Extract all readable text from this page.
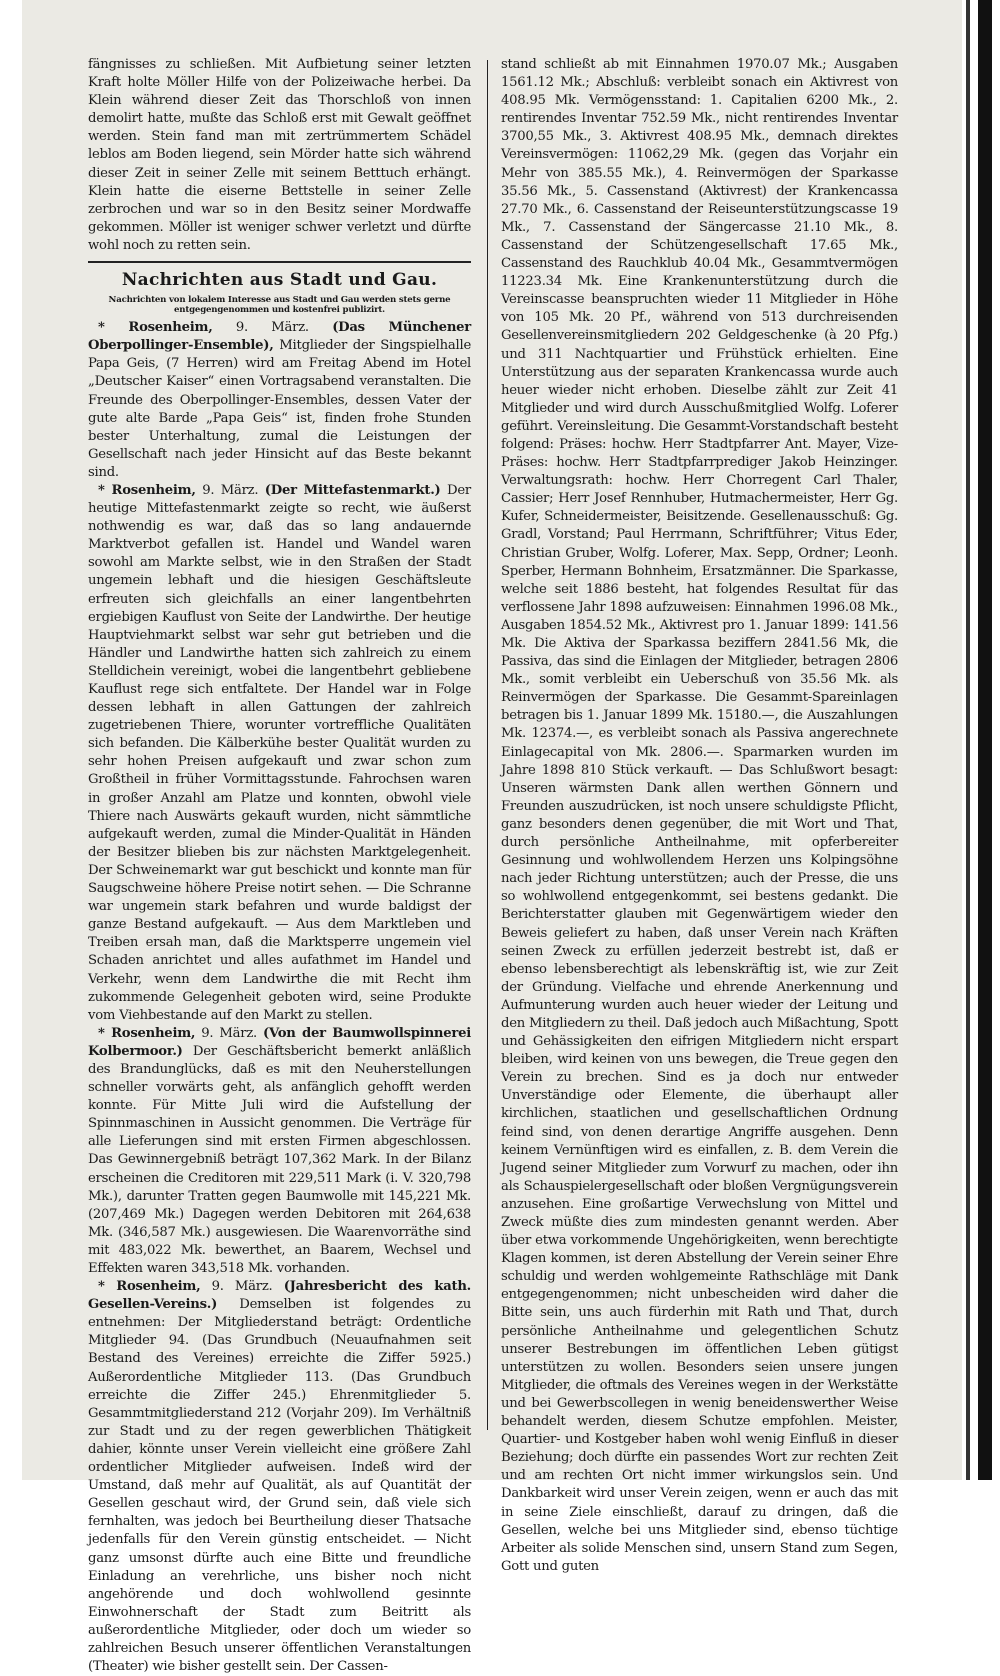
fängnisses zu schließen. Mit Aufbietung seiner letzten Kraft holte Möller Hilfe von der Polizeiwache herbei. Da Klein während dieser Zeit das Thorschloß von innen demolirt hatte, mußte das Schloß erst mit Gewalt geöffnet werden. Stein fand man mit zertrümmertem Schädel leblos am Boden liegend, sein Mörder hatte sich während dieser Zeit in seiner Zelle mit seinem Betttuch erhängt. Klein hatte die eiserne Bettstelle in seiner Zelle zerbrochen und war so in den Besitz seiner Mordwaffe gekommen. Möller ist weniger schwer verletzt und dürfte wohl noch zu retten sein.

Nachrichten aus Stadt und Gau.
Nachrichten von lokalem Interesse aus Stadt und Gau werden stets gerne entgegengenommen und kostenfrei publizirt.

* Rosenheim, 9. März. (Das Münchener Oberpollinger-Ensemble), Mitglieder der Singspielhalle Papa Geis, (7 Herren) wird am Freitag Abend im Hotel „Deutscher Kaiser“ einen Vortragsabend veranstalten. Die Freunde des Oberpollinger-Ensembles, dessen Vater der gute alte Barde „Papa Geis“ ist, finden frohe Stunden bester Unterhaltung, zumal die Leistungen der Gesellschaft nach jeder Hinsicht auf das Beste bekannt sind.

* Rosenheim, 9. März. (Der Mittefastenmarkt.) Der heutige Mittefastenmarkt zeigte so recht, wie äußerst nothwendig es war, daß das so lang andauernde Marktverbot gefallen ist. Handel und Wandel waren sowohl am Markte selbst, wie in den Straßen der Stadt ungemein lebhaft und die hiesigen Geschäftsleute erfreuten sich gleichfalls an einer langentbehrten ergiebigen Kauflust von Seite der Landwirthe. Der heutige Hauptviehmarkt selbst war sehr gut betrieben und die Händler und Landwirthe hatten sich zahlreich zu einem Stelldichein vereinigt, wobei die langentbehrt gebliebene Kauflust rege sich entfaltete. Der Handel war in Folge dessen lebhaft in allen Gattungen der zahlreich zugetriebenen Thiere, worunter vortreffliche Qualitäten sich befanden. Die Kälberkühe bester Qualität wurden zu sehr hohen Preisen aufgekauft und zwar schon zum Großtheil in früher Vormittagsstunde. Fahrochsen waren in großer Anzahl am Platze und konnten, obwohl viele Thiere nach Auswärts gekauft wurden, nicht sämmtliche aufgekauft werden, zumal die Minder-Qualität in Händen der Besitzer blieben bis zur nächsten Marktgelegenheit. Der Schweinemarkt war gut beschickt und konnte man für Saugschweine höhere Preise notirt sehen. — Die Schranne war ungemein stark befahren und wurde baldigst der ganze Bestand aufgekauft. — Aus dem Marktleben und Treiben ersah man, daß die Marktsperre ungemein viel Schaden anrichtet und alles aufathmet im Handel und Verkehr, wenn dem Landwirthe die mit Recht ihm zukommende Gelegenheit geboten wird, seine Produkte vom Viehbestande auf den Markt zu stellen.

* Rosenheim, 9. März. (Von der Baumwollspinnerei Kolbermoor.) Der Geschäftsbericht bemerkt anläßlich des Brandunglücks, daß es mit den Neuherstellungen schneller vorwärts geht, als anfänglich gehofft werden konnte. Für Mitte Juli wird die Aufstellung der Spinnmaschinen in Aussicht genommen. Die Verträge für alle Lieferungen sind mit ersten Firmen abgeschlossen. Das Gewinnergebniß beträgt 107,362 Mark. In der Bilanz erscheinen die Creditoren mit 229,511 Mark (i. V. 320,798 Mk.), darunter Tratten gegen Baumwolle mit 145,221 Mk. (207,469 Mk.) Dagegen werden Debitoren mit 264,638 Mk. (346,587 Mk.) ausgewiesen. Die Waarenvorräthe sind mit 483,022 Mk. bewerthet, an Baarem, Wechsel und Effekten waren 343,518 Mk. vorhanden.

* Rosenheim, 9. März. (Jahresbericht des kath. Gesellen-Vereins.) Demselben ist folgendes zu entnehmen: Der Mitgliederstand beträgt: Ordentliche Mitglieder 94. (Das Grundbuch (Neuaufnahmen seit Bestand des Vereines) erreichte die Ziffer 5925.) Außerordentliche Mitglieder 113. (Das Grundbuch erreichte die Ziffer 245.) Ehrenmitglieder 5. Gesammtmitgliederstand 212 (Vorjahr 209). Im Verhältniß zur Stadt und zu der regen gewerblichen Thätigkeit dahier, könnte unser Verein vielleicht eine größere Zahl ordentlicher Mitglieder aufweisen. Indeß wird der Umstand, daß mehr auf Qualität, als auf Quantität der Gesellen geschaut wird, der Grund sein, daß viele sich fernhalten, was jedoch bei Beurtheilung dieser Thatsache jedenfalls für den Verein günstig entscheidet. — Nicht ganz umsonst dürfte auch eine Bitte und freundliche Einladung an verehrliche, uns bisher noch nicht angehörende und doch wohlwollend gesinnte Einwohnerschaft der Stadt zum Beitritt als außerordentliche Mitglieder, oder doch um wieder so zahlreichen Besuch unserer öffentlichen Veranstaltungen (Theater) wie bisher gestellt sein. Der Cassen-

stand schließt ab mit Einnahmen 1970.07 Mk.; Ausgaben 1561.12 Mk.; Abschluß: verbleibt sonach ein Aktivrest von 408.95 Mk. Vermögensstand: 1. Capitalien 6200 Mk., 2. rentirendes Inventar 752.59 Mk., nicht rentirendes Inventar 3700,55 Mk., 3. Aktivrest 408.95 Mk., demnach direktes Vereinsvermögen: 11062,29 Mk. (gegen das Vorjahr ein Mehr von 385.55 Mk.), 4. Reinvermögen der Sparkasse 35.56 Mk., 5. Cassenstand (Aktivrest) der Krankencassa 27.70 Mk., 6. Cassenstand der Reiseunterstützungscasse 19 Mk., 7. Cassenstand der Sängercasse 21.10 Mk., 8. Cassenstand der Schützengesellschaft 17.65 Mk., Cassenstand des Rauchklub 40.04 Mk., Gesammtvermögen 11223.34 Mk. Eine Krankenunterstützung durch die Vereinscasse beanspruchten wieder 11 Mitglieder in Höhe von 105 Mk. 20 Pf., während von 513 durchreisenden Gesellenvereinsmitgliedern 202 Geldgeschenke (à 20 Pfg.) und 311 Nachtquartier und Frühstück erhielten. Eine Unterstützung aus der separaten Krankencassa wurde auch heuer wieder nicht erhoben. Dieselbe zählt zur Zeit 41 Mitglieder und wird durch Ausschußmitglied Wolfg. Loferer geführt. Vereinsleitung. Die Gesammt-Vorstandschaft besteht folgend: Präses: hochw. Herr Stadtpfarrer Ant. Mayer, Vize-Präses: hochw. Herr Stadtpfarrprediger Jakob Heinzinger. Verwaltungsrath: hochw. Herr Chorregent Carl Thaler, Cassier; Herr Josef Rennhuber, Hutmachermeister, Herr Gg. Kufer, Schneidermeister, Beisitzende. Gesellenausschuß: Gg. Gradl, Vorstand; Paul Herrmann, Schriftführer; Vitus Eder, Christian Gruber, Wolfg. Loferer, Max. Sepp, Ordner; Leonh. Sperber, Hermann Bohnheim, Ersatzmänner. Die Sparkasse, welche seit 1886 besteht, hat folgendes Resultat für das verflossene Jahr 1898 aufzuweisen: Einnahmen 1996.08 Mk., Ausgaben 1854.52 Mk., Aktivrest pro 1. Januar 1899: 141.56 Mk. Die Aktiva der Sparkassa beziffern 2841.56 Mk, die Passiva, das sind die Einlagen der Mitglieder, betragen 2806 Mk., somit verbleibt ein Ueberschuß von 35.56 Mk. als Reinvermögen der Sparkasse. Die Gesammt-Spareinlagen betragen bis 1. Januar 1899 Mk. 15180.—, die Auszahlungen Mk. 12374.—, es verbleibt sonach als Passiva angerechnete Einlagecapital von Mk. 2806.—. Sparmarken wurden im Jahre 1898 810 Stück verkauft. — Das Schlußwort besagt: Unseren wärmsten Dank allen werthen Gönnern und Freunden auszudrücken, ist noch unsere schuldigste Pflicht, ganz besonders denen gegenüber, die mit Wort und That, durch persönliche Antheilnahme, mit opferbereiter Gesinnung und wohlwollendem Herzen uns Kolpingsöhne nach jeder Richtung unterstützen; auch der Presse, die uns so wohlwollend entgegenkommt, sei bestens gedankt. Die Berichterstatter glauben mit Gegenwärtigem wieder den Beweis geliefert zu haben, daß unser Verein nach Kräften seinen Zweck zu erfüllen jederzeit bestrebt ist, daß er ebenso lebensberechtigt als lebenskräftig ist, wie zur Zeit der Gründung. Vielfache und ehrende Anerkennung und Aufmunterung wurden auch heuer wieder der Leitung und den Mitgliedern zu theil. Daß jedoch auch Mißachtung, Spott und Gehässigkeiten den eifrigen Mitgliedern nicht erspart bleiben, wird keinen von uns bewegen, die Treue gegen den Verein zu brechen. Sind es ja doch nur entweder Unverständige oder Elemente, die überhaupt aller kirchlichen, staatlichen und gesellschaftlichen Ordnung feind sind, von denen derartige Angriffe ausgehen. Denn keinem Vernünftigen wird es einfallen, z. B. dem Verein die Jugend seiner Mitglieder zum Vorwurf zu machen, oder ihn als Schauspielergesellschaft oder bloßen Vergnügungsverein anzusehen. Eine großartige Verwechslung von Mittel und Zweck müßte dies zum mindesten genannt werden. Aber über etwa vorkommende Ungehörigkeiten, wenn berechtigte Klagen kommen, ist deren Abstellung der Verein seiner Ehre schuldig und werden wohlgemeinte Rathschläge mit Dank entgegengenommen; nicht unbescheiden wird daher die Bitte sein, uns auch fürderhin mit Rath und That, durch persönliche Antheilnahme und gelegentlichen Schutz unserer Bestrebungen im öffentlichen Leben gütigst unterstützen zu wollen. Besonders seien unsere jungen Mitglieder, die oftmals des Vereines wegen in der Werkstätte und bei Gewerbscollegen in wenig beneidenswerther Weise behandelt werden, diesem Schutze empfohlen. Meister, Quartier- und Kostgeber haben wohl wenig Einfluß in dieser Beziehung; doch dürfte ein passendes Wort zur rechten Zeit und am rechten Ort nicht immer wirkungslos sein. Und Dankbarkeit wird unser Verein zeigen, wenn er auch das mit in seine Ziele einschließt, darauf zu dringen, daß die Gesellen, welche bei uns Mitglieder sind, ebenso tüchtige Arbeiter als solide Menschen sind, unsern Stand zum Segen, Gott und guten
